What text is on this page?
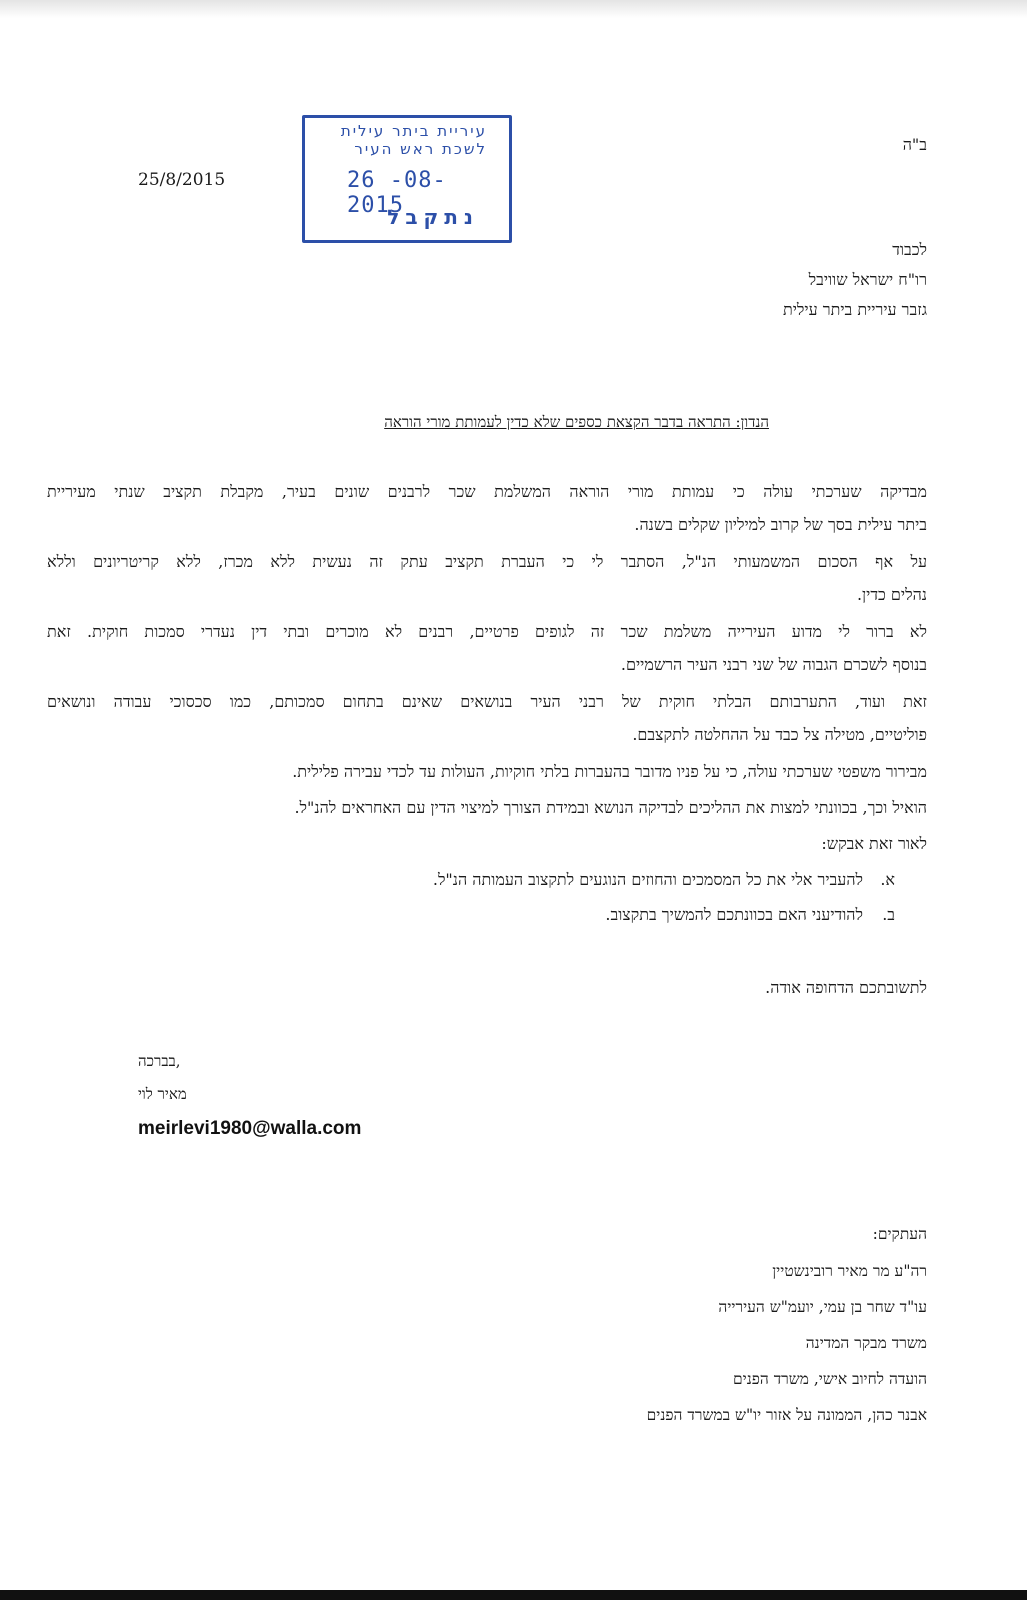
ב"ה
25/8/2015
עיריית ביתר עילית
לשכת ראש העיר
26 -08- 2015
נתקבל
לכבוד
רו"ח ישראל שוויבל
גזבר עיריית ביתר עילית
הנדון: התראה בדבר הקצאת כספים שלא כדין לעמותת מורי הוראה
מבדיקה שערכתי עולה כי עמותת מורי הוראה המשלמת שכר לרבנים שונים בעיר, מקבלת תקציב שנתי מעיריית
ביתר עילית בסך של קרוב למיליון שקלים בשנה.
על אף הסכום המשמעותי הנ"ל, הסתבר לי כי העברת תקציב עתק זה נעשית ללא מכרז, ללא קריטריונים וללא
נהלים כדין.
לא ברור לי מדוע העירייה משלמת שכר זה לגופים פרטיים, רבנים לא מוכרים ובתי דין נעדרי סמכות חוקית. זאת
בנוסף לשכרם הגבוה של שני רבני העיר הרשמיים.
זאת ועוד, התערבותם הבלתי חוקית של רבני העיר בנושאים שאינם בתחום סמכותם, כמו סכסוכי עבודה ונושאים
פוליטיים, מטילה צל כבד על ההחלטה לתקצבם.
מבירור משפטי שערכתי עולה, כי על פניו מדובר בהעברות בלתי חוקיות, העולות עד לכדי עבירה פלילית.
הואיל וכך, בכוונתי למצות את ההליכים לבדיקה הנושא ובמידת הצורך למיצוי הדין עם האחראים להנ"ל.
לאור זאת אבקש:
א.להעביר אלי את כל המסמכים והחוזים הנוגעים לתקצוב העמותה הנ"ל.
ב.להודיעני האם בכוונתכם להמשיך בתקצוב.
לתשובתכם הדחופה אודה.
בברכה,
מאיר לוי
meirlevi1980@walla.com
העתקים:
רה"ע מר מאיר רובינשטיין
עו"ד שחר בן עמי, יועמ"ש העירייה
משרד מבקר המדינה
הועדה לחיוב אישי, משרד הפנים
אבנר כהן, הממונה על אזור יו"ש במשרד הפנים
